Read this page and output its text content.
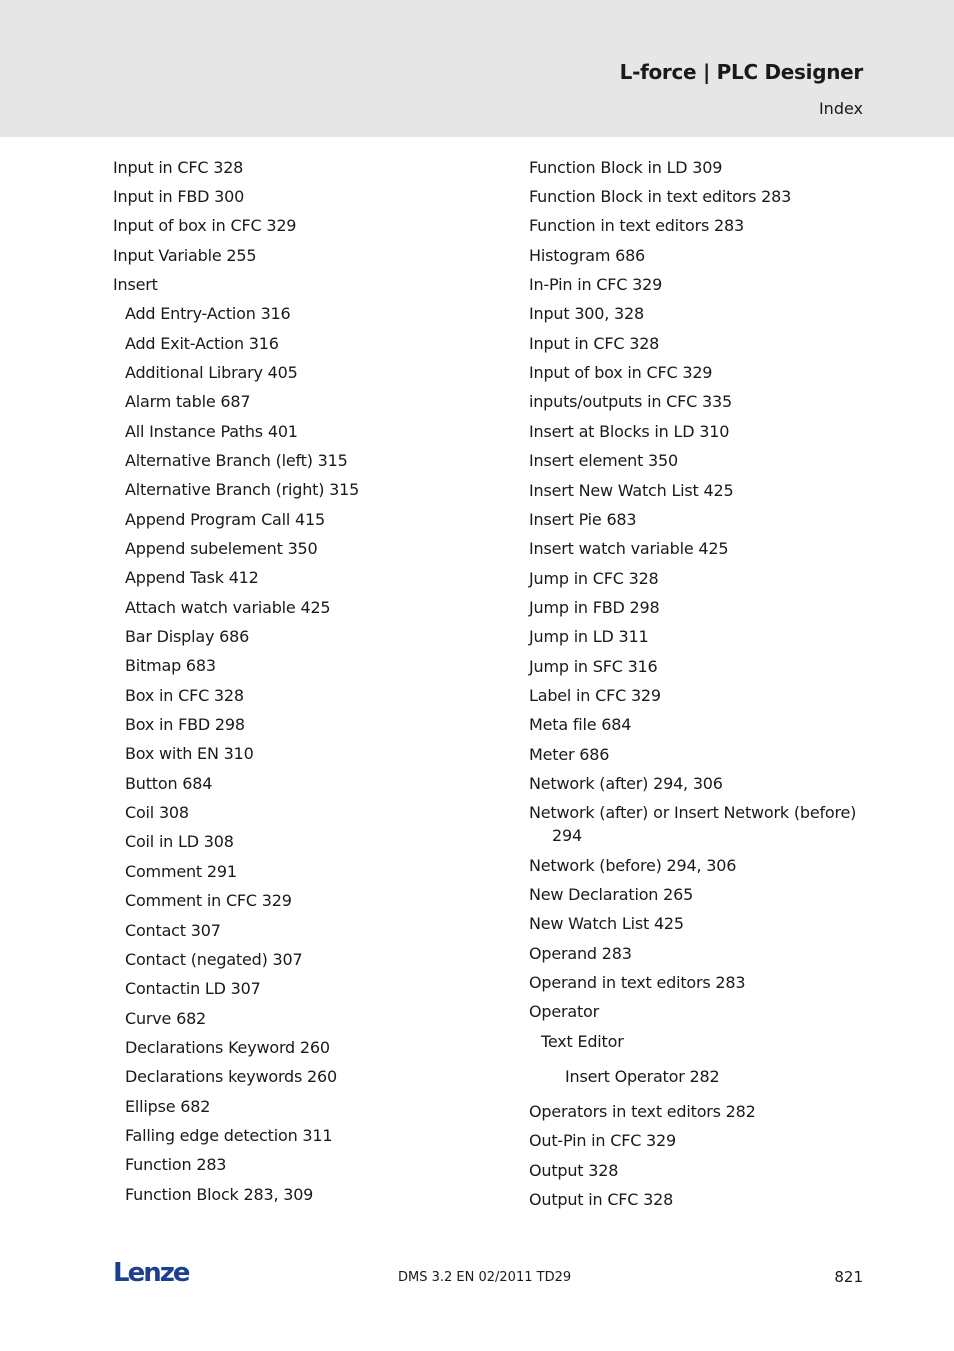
L-force | PLC Designer
Index
Input in CFC 328
Input in FBD 300
Input of box in CFC 329
Input Variable 255
Insert
Add Entry-Action 316
Add Exit-Action 316
Additional Library 405
Alarm table 687
All Instance Paths 401
Alternative Branch (left) 315
Alternative Branch (right) 315
Append Program Call 415
Append subelement 350
Append Task 412
Attach watch variable 425
Bar Display 686
Bitmap 683
Box in CFC 328
Box in FBD 298
Box with EN 310
Button 684
Coil 308
Coil in LD 308
Comment 291
Comment in CFC 329
Contact 307
Contact (negated) 307
Contactin LD 307
Curve 682
Declarations Keyword 260
Declarations keywords 260
Ellipse 682
Falling edge detection 311
Function 283
Function Block 283, 309
Function Block in LD 309
Function Block in text editors 283
Function in text editors 283
Histogram 686
In-Pin in CFC 329
Input 300, 328
Input in CFC 328
Input of box in CFC 329
inputs/outputs in CFC 335
Insert at Blocks in LD 310
Insert element 350
Insert New Watch List 425
Insert Pie 683
Insert watch variable 425
Jump in CFC 328
Jump in FBD 298
Jump in LD 311
Jump in SFC 316
Label in CFC 329
Meta file 684
Meter 686
Network (after) 294, 306
Network (after) or Insert Network (before)
294
Network (before) 294, 306
New Declaration 265
New Watch List 425
Operand 283
Operand in text editors 283
Operator
Text Editor
Insert Operator 282
Operators in text editors 282
Out-Pin in CFC 329
Output 328
Output in CFC 328
Lenze	DMS 3.2 EN 02/2011 TD29	821
